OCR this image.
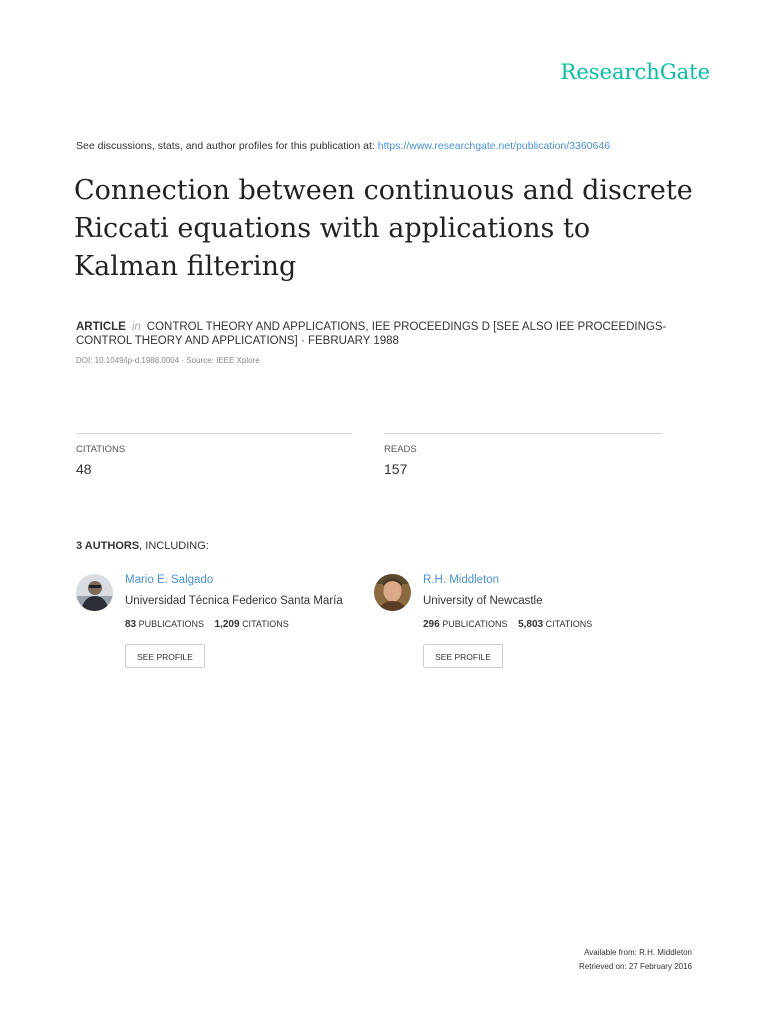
ResearchGate
See discussions, stats, and author profiles for this publication at: https://www.researchgate.net/publication/3360646
Connection between continuous and discrete Riccati equations with applications to Kalman filtering
ARTICLE in CONTROL THEORY AND APPLICATIONS, IEE PROCEEDINGS D [SEE ALSO IEE PROCEEDINGS-CONTROL THEORY AND APPLICATIONS] · FEBRUARY 1988
DOI: 10.1049/ip-d.1988.0004 · Source: IEEE Xplore
CITATIONS
48
READS
157
3 AUTHORS, INCLUDING:
Mario E. Salgado
Universidad Técnica Federico Santa María
83 PUBLICATIONS 1,209 CITATIONS
SEE PROFILE
R.H. Middleton
University of Newcastle
296 PUBLICATIONS 5,803 CITATIONS
SEE PROFILE
Available from: R.H. Middleton
Retrieved on: 27 February 2016
